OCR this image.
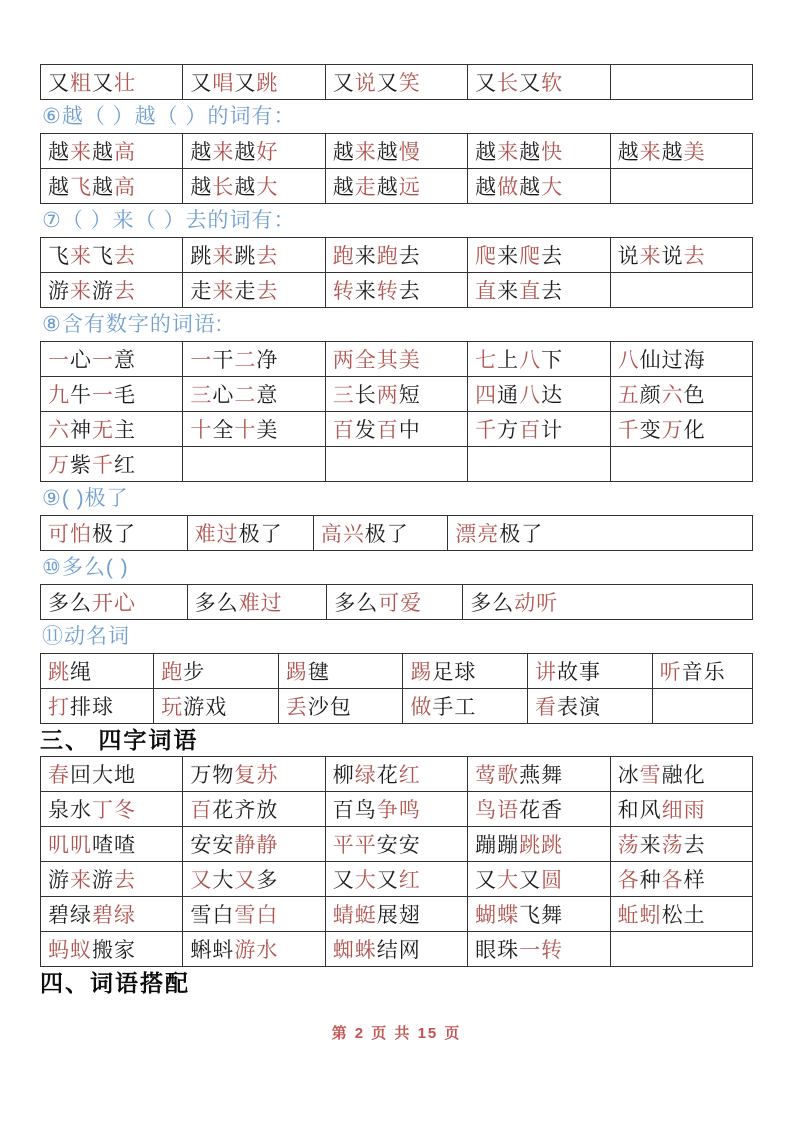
又粗又壮	又唱又跳	又说又笑	又长又软	
⑥越（ ）越（ ）的词有：
越来越高	越来越好	越来越慢	越来越快	越来越美
越飞越高	越长越大	越走越远	越做越大	
⑦（ ）来（ ）去的词有：
飞来飞去	跳来跳去	跑来跑去	爬来爬去	说来说去
游来游去	走来走去	转来转去	直来直去	
⑧含有数字的词语:
一心一意	一干二净	两全其美	七上八下	八仙过海
九牛一毛	三心二意	三长两短	四通八达	五颜六色
六神无主	十全十美	百发百中	千方百计	千变万化
万紫千红				
⑨( )极了
可怕极了	难过极了	高兴极了	漂亮极了
⑩多么( )
多么开心	多么难过	多么可爱	多么动听
⑪动名词
跳绳	跑步	踢毽	踢足球	讲故事	听音乐
打排球	玩游戏	丢沙包	做手工	看表演	
三、 四字词语
春回大地	万物复苏	柳绿花红	莺歌燕舞	冰雪融化
泉水丁冬	百花齐放	百鸟争鸣	鸟语花香	和风细雨
叽叽喳喳	安安静静	平平安安	蹦蹦跳跳	荡来荡去
游来游去	又大又多	又大又红	又大又圆	各种各样
碧绿碧绿	雪白雪白	蜻蜓展翅	蝴蝶飞舞	蚯蚓松土
蚂蚁搬家	蝌蚪游水	蜘蛛结网	眼珠一转	
四、词语搭配
第 2 页 共 15 页
